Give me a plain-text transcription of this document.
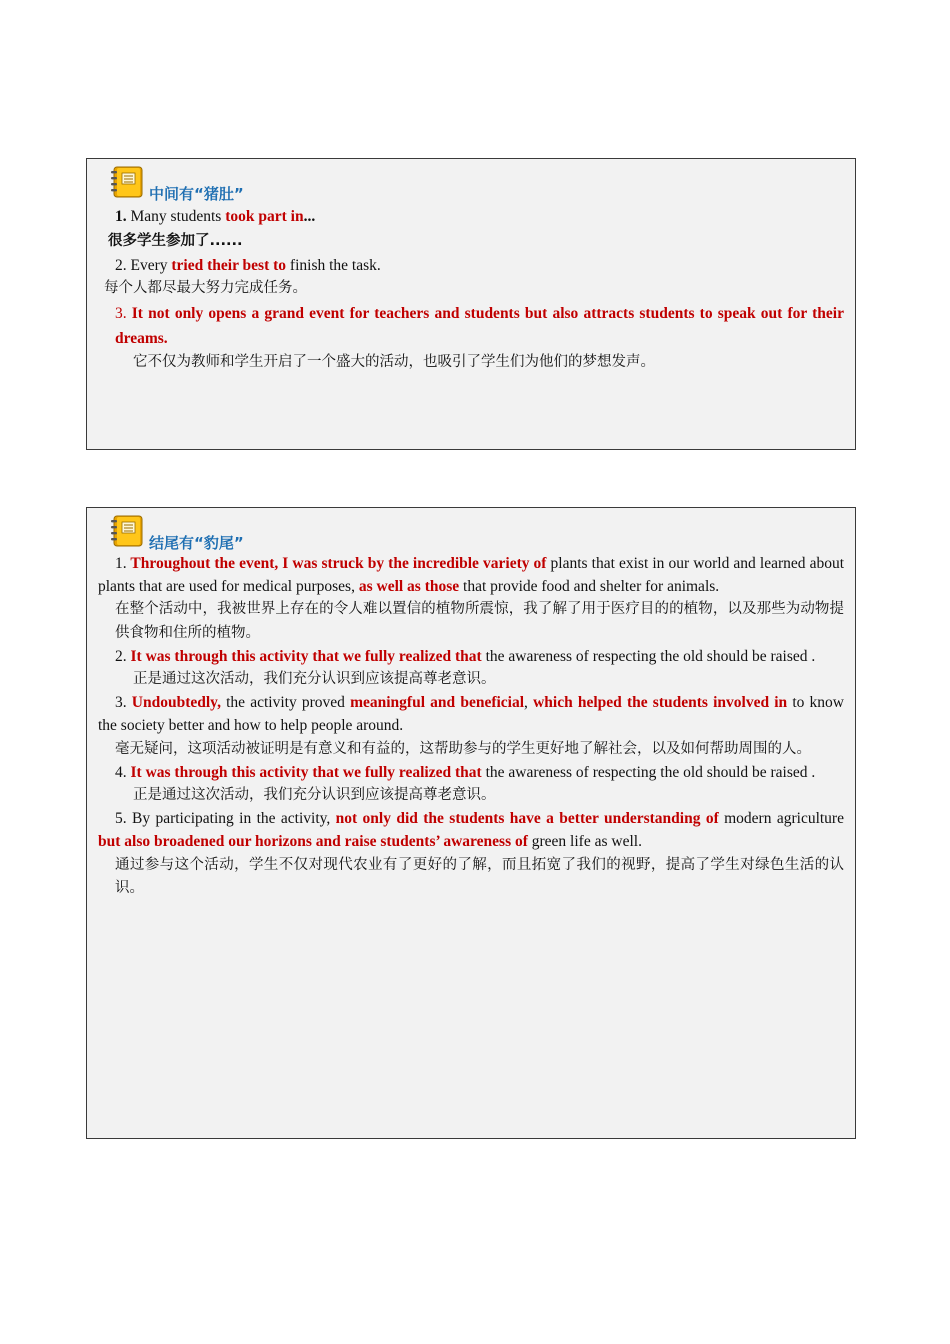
中间有“猪肚”
1. Many students took part in...
很多学生参加了......
2. Every tried their best to finish the task.
每个人都尽最大努力完成任务。
3. It not only opens a grand event for teachers and students but also attracts students to speak out for their dreams.
它不仅为教师和学生开启了一个盛大的活动，也吸引了学生们为他们的梦想发声。
结尾有“豹尾”
1. Throughout the event, I was struck by the incredible variety of plants that exist in our world and learned about plants that are used for medical purposes, as well as those that provide food and shelter for animals.
在整个活动中，我被世界上存在的令人难以置信的植物所震惊，我了解了用于医疗目的的植物，以及那些为动物提供食物和住所的植物。
2. It was through this activity that we fully realized that the awareness of respecting the old should be raised .
正是通过这次活动，我们充分认识到应该提高尊老意识。
3. Undoubtedly, the activity proved meaningful and beneficial, which helped the students involved in to know the society better and how to help people around.
毫无疑问，这项活动被证明是有意义和有益的，这帮助参与的学生更好地了解社会，以及如何帮助周围的人。
4. It was through this activity that we fully realized that the awareness of respecting the old should be raised .
正是通过这次活动，我们充分认识到应该提高尊老意识。
5. By participating in the activity, not only did the students have a better understanding of modern agriculture but also broadened our horizons and raise students’ awareness of green life as well.
通过参与这个活动，学生不仅对现代农业有了更好的了解，而且拓宽了我们的视野，提高了学生对绿色生活的认识。
